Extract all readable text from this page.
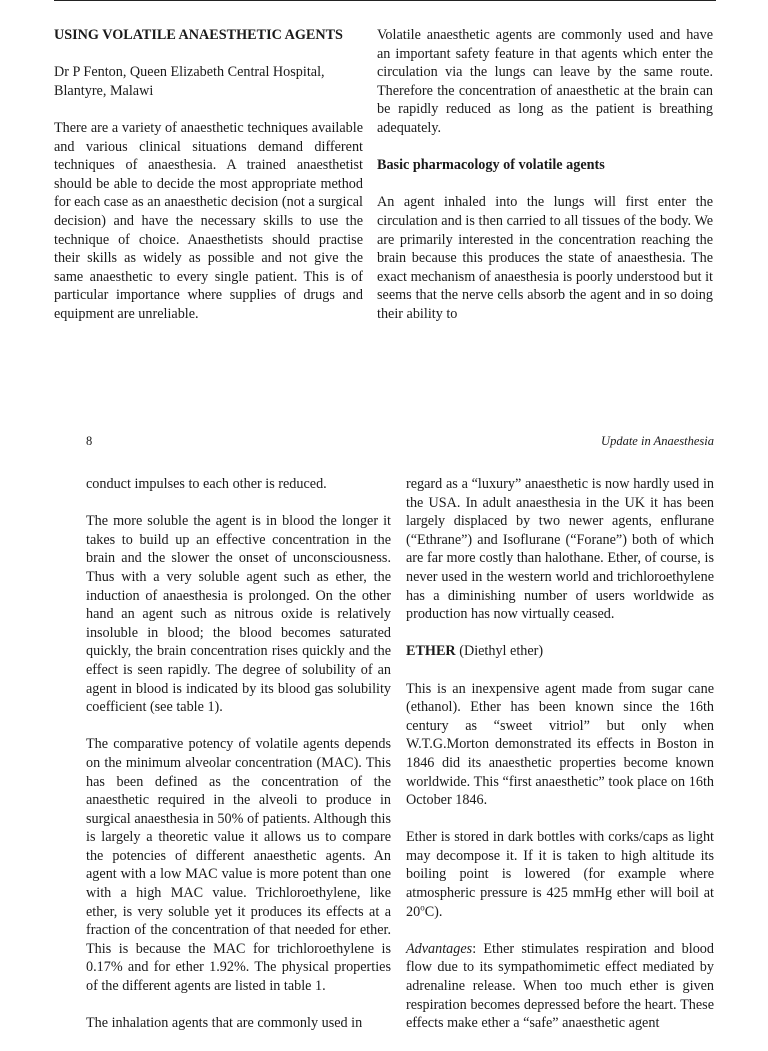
USING VOLATILE ANAESTHETIC AGENTS

Dr P Fenton, Queen Elizabeth Central Hospital, Blantyre, Malawi

There are a variety of anaesthetic techniques available and various clinical situations demand different techniques of anaesthesia. A trained anaesthetist should be able to decide the most appropriate method for each case as an anaesthetic decision (not a surgical decision) and have the necessary skills to use the technique of choice. Anaesthetists should practise their skills as widely as possible and not give the same anaesthetic to every single patient. This is of particular importance where supplies of drugs and equipment are unreliable.

Volatile anaesthetic agents are commonly used and have an important safety feature in that agents which enter the circulation via the lungs can leave by the same route. Therefore the concentration of anaesthetic at the brain can be rapidly reduced as long as the patient is breathing adequately.

Basic pharmacology of volatile agents

An agent inhaled into the lungs will first enter the circulation and is then carried to all tissues of the body. We are primarily interested in the concentration reaching the brain because this produces the state of anaesthesia. The exact mechanism of anaesthesia is poorly understood but it seems that the nerve cells absorb the agent and in so doing their ability to

8	Update in Anaesthesia

conduct impulses to each other is reduced.

The more soluble the agent is in blood the longer it takes to build up an effective concentration in the brain and the slower the onset of unconsciousness. Thus with a very soluble agent such as ether, the induction of anaesthesia is prolonged. On the other hand an agent such as nitrous oxide is relatively insoluble in blood; the blood becomes saturated quickly, the brain concentration rises quickly and the effect is seen rapidly. The degree of solubility of an agent in blood is indicated by its blood gas solubility coefficient (see table 1).

The comparative potency of volatile agents depends on the minimum alveolar concentration (MAC). This has been defined as the concentration of the anaesthetic required in the alveoli to produce in surgical anaesthesia in 50% of patients. Although this is largely a theoretic value it allows us to compare the potencies of different anaesthetic agents. An agent with a low MAC value is more potent than one with a high MAC value. Trichloroethylene, like ether, is very soluble yet it produces its effects at a fraction of the concentration of that needed for ether. This is because the MAC for trichloroethylene is 0.17% and for ether 1.92%. The physical properties of the different agents are listed in table 1.

The inhalation agents that are commonly used in

regard as a “luxury” anaesthetic is now hardly used in the USA. In adult anaesthesia in the UK it has been largely displaced by two newer agents, enflurane (“Ethrane”) and Isoflurane (“Forane”) both of which are far more costly than halothane. Ether, of course, is never used in the western world and trichloroethylene has a diminishing number of users worldwide as production has now virtually ceased.

ETHER (Diethyl ether)

This is an inexpensive agent made from sugar cane (ethanol). Ether has been known since the 16th century as “sweet vitriol” but only when W.T.G.Morton demonstrated its effects in Boston in 1846 did its anaesthetic properties become known worldwide. This “first anaesthetic” took place on 16th October 1846.

Ether is stored in dark bottles with corks/caps as light may decompose it. If it is taken to high altitude its boiling point is lowered (for example where atmospheric pressure is 425 mmHg ether will boil at 20$^o$C).

Advantages: Ether stimulates respiration and blood flow due to its sympathomimetic effect mediated by adrenaline release. When too much ether is given respiration becomes depressed before the heart. These effects make ether a “safe” anaesthetic agent
